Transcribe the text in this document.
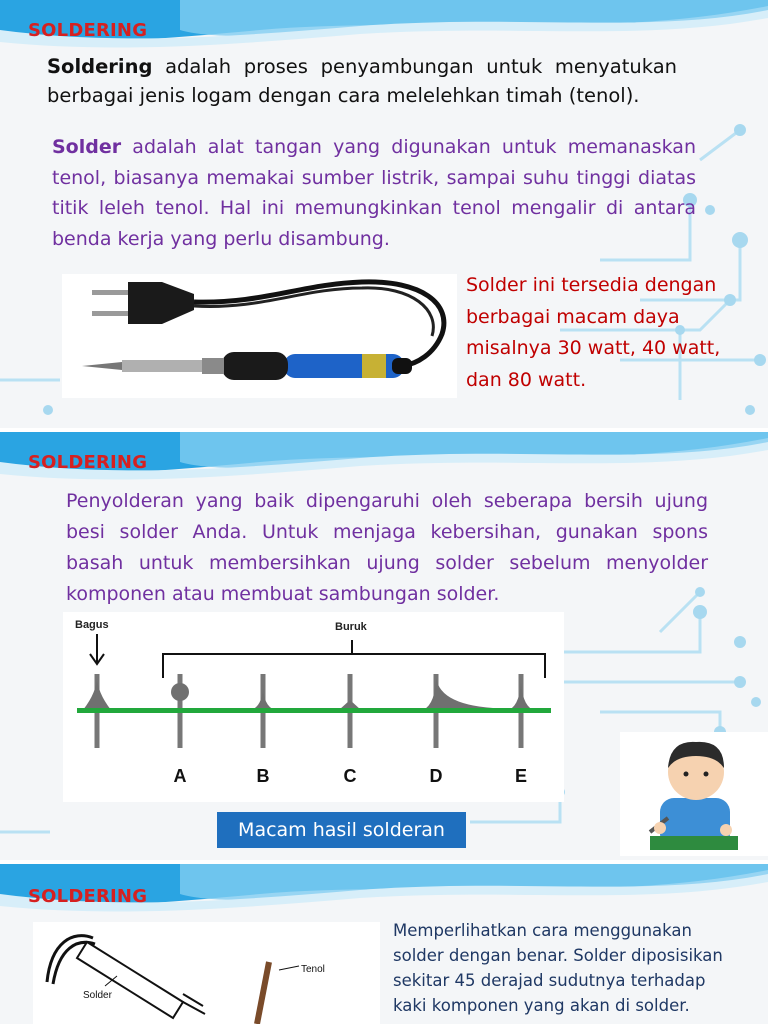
SOLDERING
Soldering adalah proses penyambungan untuk menyatukan berbagai jenis logam dengan cara melelehkan timah (tenol).
Solder adalah alat tangan yang digunakan untuk memanaskan tenol, biasanya memakai sumber listrik, sampai suhu tinggi diatas titik leleh tenol. Hal ini memungkinkan tenol mengalir di antara benda kerja yang perlu disambung.
Solder ini tersedia dengan berbagai macam daya misalnya 30 watt, 40 watt, dan 80 watt.
SOLDERING
Penyolderan yang baik dipengaruhi oleh seberapa bersih ujung besi solder Anda. Untuk menjaga kebersihan, gunakan spons basah untuk membersihkan ujung solder sebelum menyolder komponen atau membuat sambungan solder.
Bagus	Buruk
A	B	C	D	E
Macam hasil solderan
SOLDERING
Tenol
Solder
Memperlihatkan cara menggunakan solder dengan benar. Solder diposisikan sekitar 45 derajad sudutnya terhadap kaki komponen yang akan di solder.
